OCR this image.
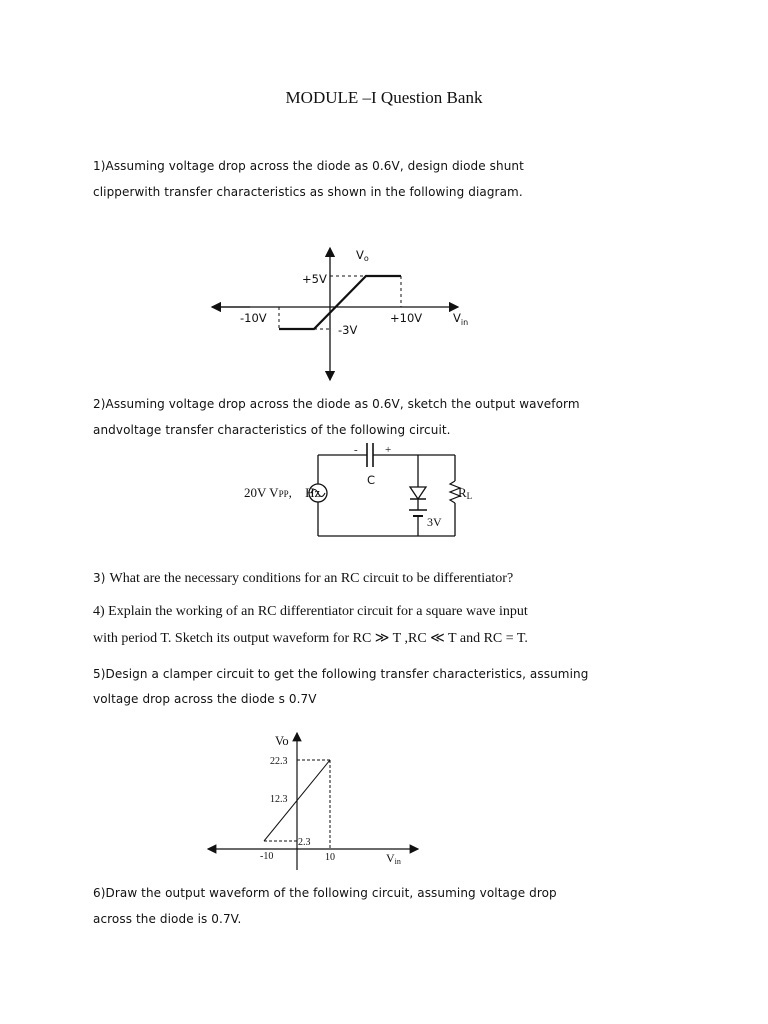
MODULE –I Question Bank
1)Assuming voltage drop across the diode as 0.6V, design diode shunt
clipperwith transfer characteristics as shown in the following diagram.
Vo
+5V
-10V	+10V	$V_{in}$
-3V
2)Assuming voltage drop across the diode as 0.6V, sketch the output waveform
andvoltage transfer characteristics of the following circuit.
- +
C
20V VPP, Hz	RL
3V
3) What are the necessary conditions for an RC circuit to be differentiator?
4) Explain the working of an RC differentiator circuit for a square wave input
with period T. Sketch its output waveform for RC ≫ T ,RC ≪ T and RC = T.
5)Design a clamper circuit to get the following transfer characteristics, assuming
voltage drop across the diode s 0.7V
Vo
22.3
12.3
2.3
-10	10	Vin
6)Draw the output waveform of the following circuit, assuming voltage drop
across the diode is 0.7V.
